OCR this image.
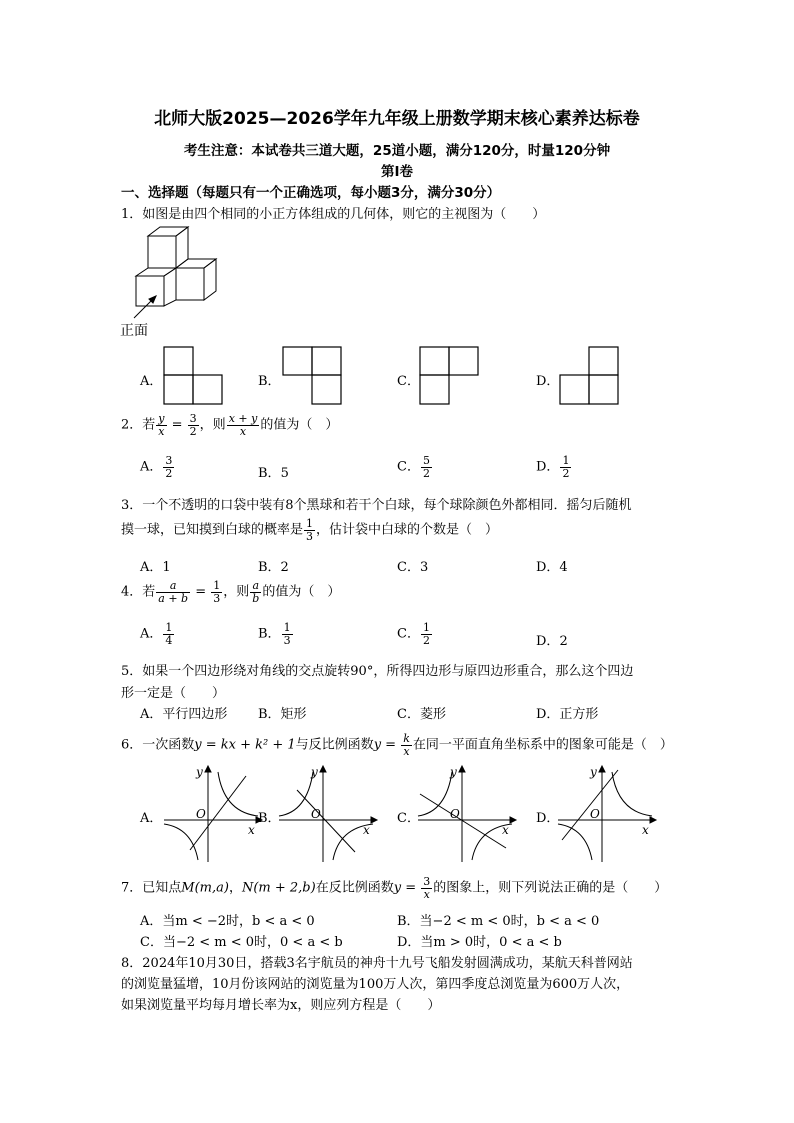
北师大版2025—2026学年九年级上册数学期末核心素养达标卷
考生注意：本试卷共三道大题，25道小题，满分120分，时量120分钟
第Ⅰ卷
一、选择题（每题只有一个正确选项，每小题3分，满分30分）
1．如图是由四个相同的小正方体组成的几何体，则它的主视图为（　　）
正面
A．	B．	C．	D．
2．若 $\frac{y}{x} = \frac{3}{2}$ ，则 $\frac{x + y}{x}$ 的值为（　）
A． $\frac{3}{2}$	B．5	C． $\frac{5}{2}$	D． $\frac{1}{2}$
3．一个不透明的口袋中装有8个黑球和若干个白球，每个球除颜色外都相同．摇匀后随机
摸一球，已知摸到白球的概率是 $\frac{1}{3}$ ，估计袋中白球的个数是（　）
A．1	B．2	C．3	D．4
4．若 $\frac{a}{a + b} = \frac{1}{3}$ ，则 $\frac{a}{b}$ 的值为（　）
A． $\frac{1}{4}$	B． $\frac{1}{3}$	C． $\frac{1}{2}$	D．2
5．如果一个四边形绕对角线的交点旋转90°，所得四边形与原四边形重合，那么这个四边
形一定是（　　）
A．平行四边形 B．矩形	C．菱形	D．正方形
6．一次函数y = kx + k² + 1与反比例函数$y = \frac{k}{x}$ 在同一平面直角坐标系中的图象可能是（　）
A．
y
x
O	B．
y
x
O	C．
y
x
O	D．
y
x
O
7．已知点M(m,a)，N(m + 2,b)在反比例函数$y = \frac{3}{x}$ 的图象上，则下列说法正确的是（　　）
A．当m < −2时，b < a < 0	B．当−2 < m < 0时，b < a < 0
C．当−2 < m < 0时，0 < a < b	D．当m > 0时，0 < a < b
8．2024年10月30日，搭载3名宇航员的神舟十九号飞船发射圆满成功，某航天科普网站
的浏览量猛增，10月份该网站的浏览量为100万人次，第四季度总浏览量为600万人次，
如果浏览量平均每月增长率为x，则应列方程是（　　）
